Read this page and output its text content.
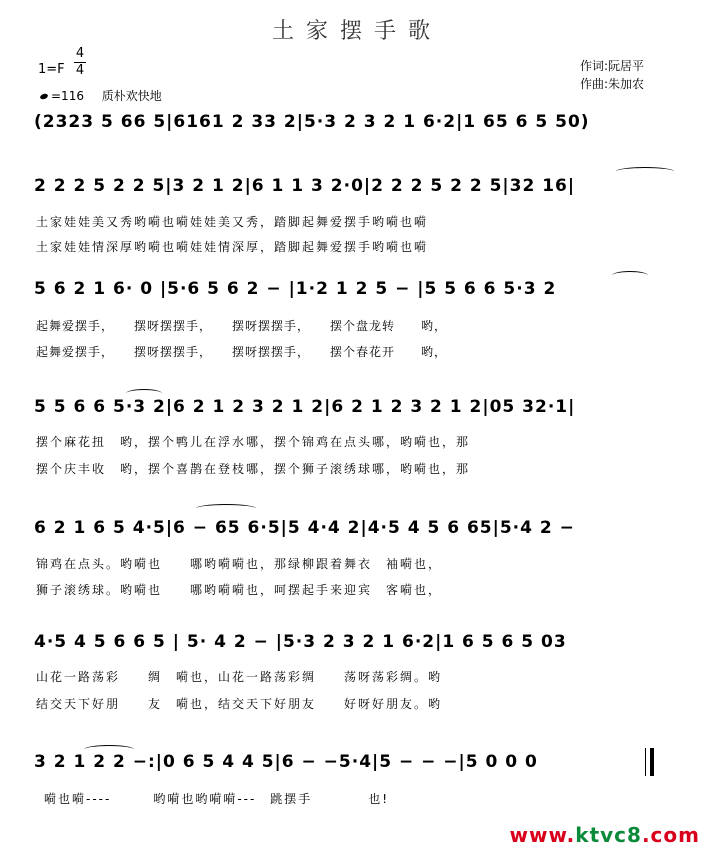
土家摆手歌
1=F
4
4
=116 质朴欢快地
作词:阮居平
作曲:朱加农
(2323 5 66 5|6161 2 33 2|5·3 2 3 2 1 6·2|1 65 6 5 50)
2 2 2 5 2 2 5|3 2 1 2|6 1 1 3 2·0|2 2 2 5 2 2 5|32 16|
土家娃娃美又秀哟嗬也嗬娃娃美又秀，踏脚起舞爱摆手哟嗬也嗬
土家娃娃情深厚哟嗬也嗬娃娃情深厚，踏脚起舞爱摆手哟嗬也嗬
5 6 2 1 6· 0 |5·6 5 6 2 − |1·2 1 2 5 − |5 5 6 6 5·3 2
起舞爱摆手，　　摆呀摆摆手，　　摆呀摆摆手，　　摆个盘龙转　　哟，
起舞爱摆手，　　摆呀摆摆手，　　摆呀摆摆手，　　摆个春花开　　哟，
5 5 6 6 5·3 2|6 2 1 2 3 2 1 2|6 2 1 2 3 2 1 2|05 32·1|
摆个麻花扭　哟，摆个鸭儿在浮水哪，摆个锦鸡在点头哪，哟嗬也，那
摆个庆丰收　哟，摆个喜鹊在登枝哪，摆个狮子滚绣球哪，哟嗬也，那
6 2 1 6 5 4·5|6 − 65 6·5|5 4·4 2|4·5 4 5 6 65|5·4 2 −
锦鸡在点头。哟嗬也　　哪哟嗬嗬也，那绿柳跟着舞衣　袖嗬也，
狮子滚绣球。哟嗬也　　哪哟嗬嗬也，呵摆起手来迎宾　客嗬也，
4·5 4 5 6 6 5 | 5· 4 2 − |5·3 2 3 2 1 6·2|1 6 5 6 5 03
山花一路荡彩　　绸　嗬也，山花一路荡彩绸　　荡呀荡彩绸。哟
结交天下好朋　　友　嗬也，结交天下好朋友　　好呀好朋友。哟
3 2 1 2 2 −:|0 6 5 4 4 5|6 − −5·4|5 − − −|5 0 0 0
嗬也嗬----　　　哟嗬也哟嗬嗬---　跳摆手　　　　也!
www.ktvc8.com
